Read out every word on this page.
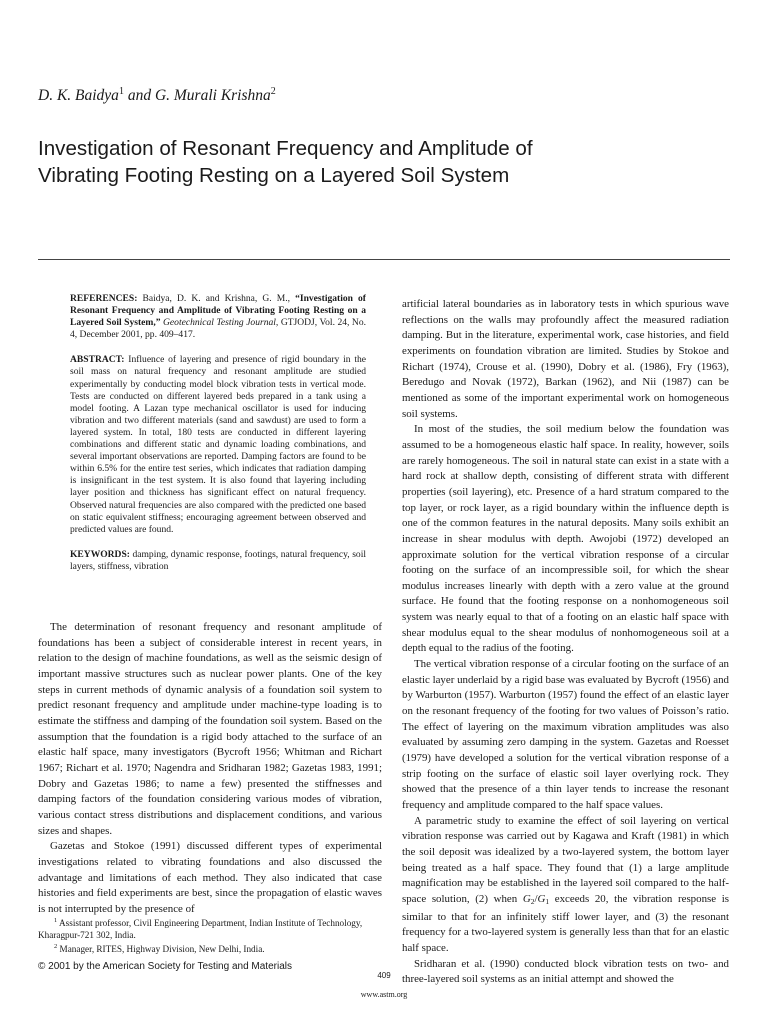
D. K. Baidya$^1$ and G. Murali Krishna$^2$
Investigation of Resonant Frequency and Amplitude of Vibrating Footing Resting on a Layered Soil System

REFERENCES: Baidya, D. K. and Krishna, G. M., “Investigation of Resonant Frequency and Amplitude of Vibrating Footing Resting on a Layered Soil System,” Geotechnical Testing Journal, GTJODJ, Vol. 24, No. 4, December 2001, pp. 409–417.

ABSTRACT: Influence of layering and presence of rigid boundary in the soil mass on natural frequency and resonant amplitude are studied experimentally by conducting model block vibration tests in vertical mode. Tests are conducted on different layered beds prepared in a tank using a model footing. A Lazan type mechanical oscillator is used for inducing vibration and two different materials (sand and sawdust) are used to form a layered system. In total, 180 tests are conducted in different layering combinations and different static and dynamic loading combinations, and several important observations are reported. Damping factors are found to be within 6.5% for the entire test series, which indicates that radiation damping is insignificant in the test system. It is also found that layering including layer position and thickness has significant effect on natural frequency. Observed natural frequencies are also compared with the predicted one based on static equivalent stiffness; encouraging agreement between observed and predicted values are found.

KEYWORDS: damping, dynamic response, footings, natural frequency, soil layers, stiffness, vibration

The determination of resonant frequency and resonant amplitude of foundations has been a subject of considerable interest in recent years, in relation to the design of machine foundations, as well as the seismic design of important massive structures such as nuclear power plants. One of the key steps in current methods of dynamic analysis of a foundation soil system to predict resonant frequency and amplitude under machine-type loading is to estimate the stiffness and damping of the foundation soil system. Based on the assumption that the foundation is a rigid body attached to the surface of an elastic half space, many investigators (Bycroft 1956; Whitman and Richart 1967; Richart et al. 1970; Nagendra and Sridharan 1982; Gazetas 1983, 1991; Dobry and Gazetas 1986; to name a few) presented the stiffnesses and damping factors of the foundation considering various modes of vibration, various contact stress distributions and displacement conditions, and various sizes and shapes.

Gazetas and Stokoe (1991) discussed different types of experimental investigations related to vibrating foundations and also discussed the advantage and limitations of each method. They also indicated that case histories and field experiments are best, since the propagation of elastic waves is not interrupted by the presence of

artificial lateral boundaries as in laboratory tests in which spurious wave reflections on the walls may profoundly affect the measured radiation damping. But in the literature, experimental work, case histories, and field experiments on foundation vibration are limited. Studies by Stokoe and Richart (1974), Crouse et al. (1990), Dobry et al. (1986), Fry (1963), Beredugo and Novak (1972), Barkan (1962), and Nii (1987) can be mentioned as some of the important experimental work on homogeneous soil systems.

In most of the studies, the soil medium below the foundation was assumed to be a homogeneous elastic half space. In reality, however, soils are rarely homogeneous. The soil in natural state can exist in a state with a hard rock at shallow depth, consisting of different strata with different properties (soil layering), etc. Presence of a hard stratum compared to the top layer, or rock layer, as a rigid boundary within the influence depth is one of the common features in the natural deposits. Many soils exhibit an increase in shear modulus with depth. Awojobi (1972) developed an approximate solution for the vertical vibration response of a circular footing on the surface of an incompressible soil, for which the shear modulus increases linearly with depth with a zero value at the ground surface. He found that the footing response on a nonhomogeneous soil system was nearly equal to that of a footing on an elastic half space with shear modulus equal to the shear modulus of nonhomogeneous soil at a depth equal to the radius of the footing.

The vertical vibration response of a circular footing on the surface of an elastic layer underlaid by a rigid base was evaluated by Bycroft (1956) and by Warburton (1957). Warburton (1957) found the effect of an elastic layer on the resonant frequency of the footing for two values of Poisson’s ratio. The effect of layering on the maximum vibration amplitudes was also evaluated by assuming zero damping in the system. Gazetas and Roesset (1979) have developed a solution for the vertical vibration response of a strip footing on the surface of elastic soil layer overlying rock. They showed that the presence of a thin layer tends to increase the resonant frequency and amplitude compared to the half space values.

A parametric study to examine the effect of soil layering on vertical vibration response was carried out by Kagawa and Kraft (1981) in which the soil deposit was idealized by a two-layered system, the bottom layer being treated as a half space. They found that (1) a large amplitude magnification may be established in the layered soil compared to the half-space solution, (2) when $G_2/G_1$ exceeds 20, the vibration response is similar to that for an infinitely stiff lower layer, and (3) the resonant frequency for a two-layered system is generally less than that for an elastic half space.

Sridharan et al. (1990) conducted block vibration tests on two- and three-layered soil systems as an initial attempt and showed the

$^1$ Assistant professor, Civil Engineering Department, Indian Institute of Technology, Kharagpur-721 302, India.

$^2$ Manager, RITES, Highway Division, New Delhi, India.

© 2001 by the American Society for Testing and Materials
409
www.astm.org
